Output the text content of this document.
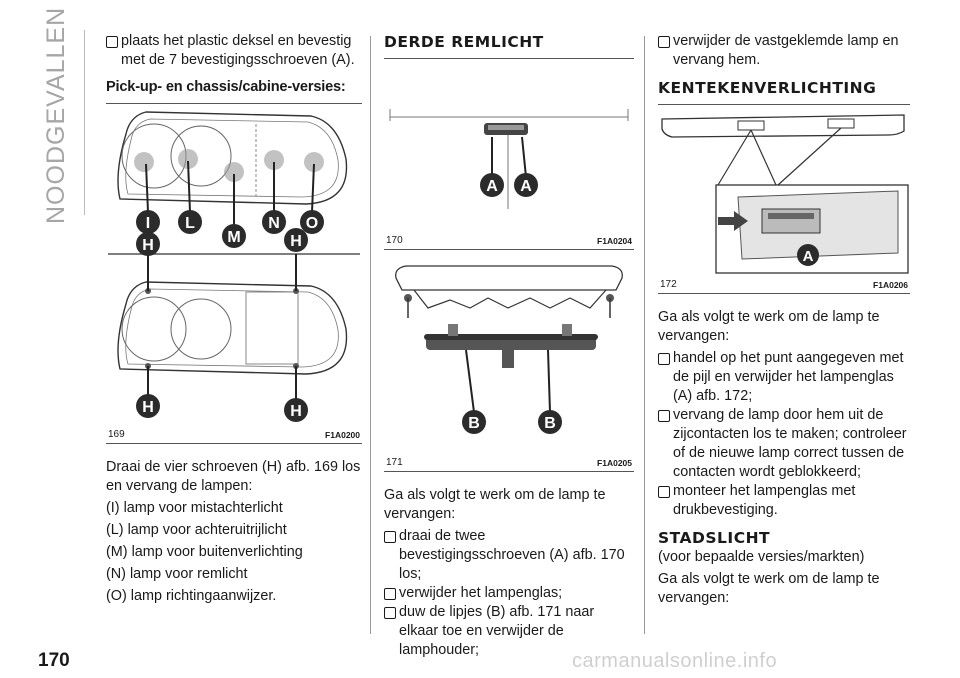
NOODGEVALLEN	plaats het plastic deksel en bevestig met de 7 bevestigingsschroeven (A).

Pick-up- en chassis/cabine-versies:

I L
M
N O
H	H
H	H
169	F1A0200

Draai de vier schroeven (H) afb. 169 los en vervang de lampen:

(I) lamp voor mistachterlicht

(L) lamp voor achteruitrijlicht

(M) lamp voor buitenverlichting

(N) lamp voor remlicht

(O) lamp richtingaanwijzer.

DERDE REMLICHT
A A
170	F1A0204
B	B
171	F1A0205

Ga als volgt te werk om de lamp te vervangen:

draai de twee bevestigingsschroeven (A) afb. 170 los;

verwijder het lampenglas;

duw de lipjes (B) afb. 171 naar elkaar toe en verwijder de lamphouder;

verwijder de vastgeklemde lamp en vervang hem.

KENTEKENVERLICHTING
A
172	F1A0206

Ga als volgt te werk om de lamp te vervangen:

handel op het punt aangegeven met de pijl en verwijder het lampenglas (A) afb. 172;

vervang de lamp door hem uit de zijcontacten los te maken; controleer of de nieuwe lamp correct tussen de contacten wordt geblokkeerd;

monteer het lampenglas met drukbevestiging.

STADSLICHT

(voor bepaalde versies/markten)

Ga als volgt te werk om de lamp te vervangen:

170	carmanualsonline.info
